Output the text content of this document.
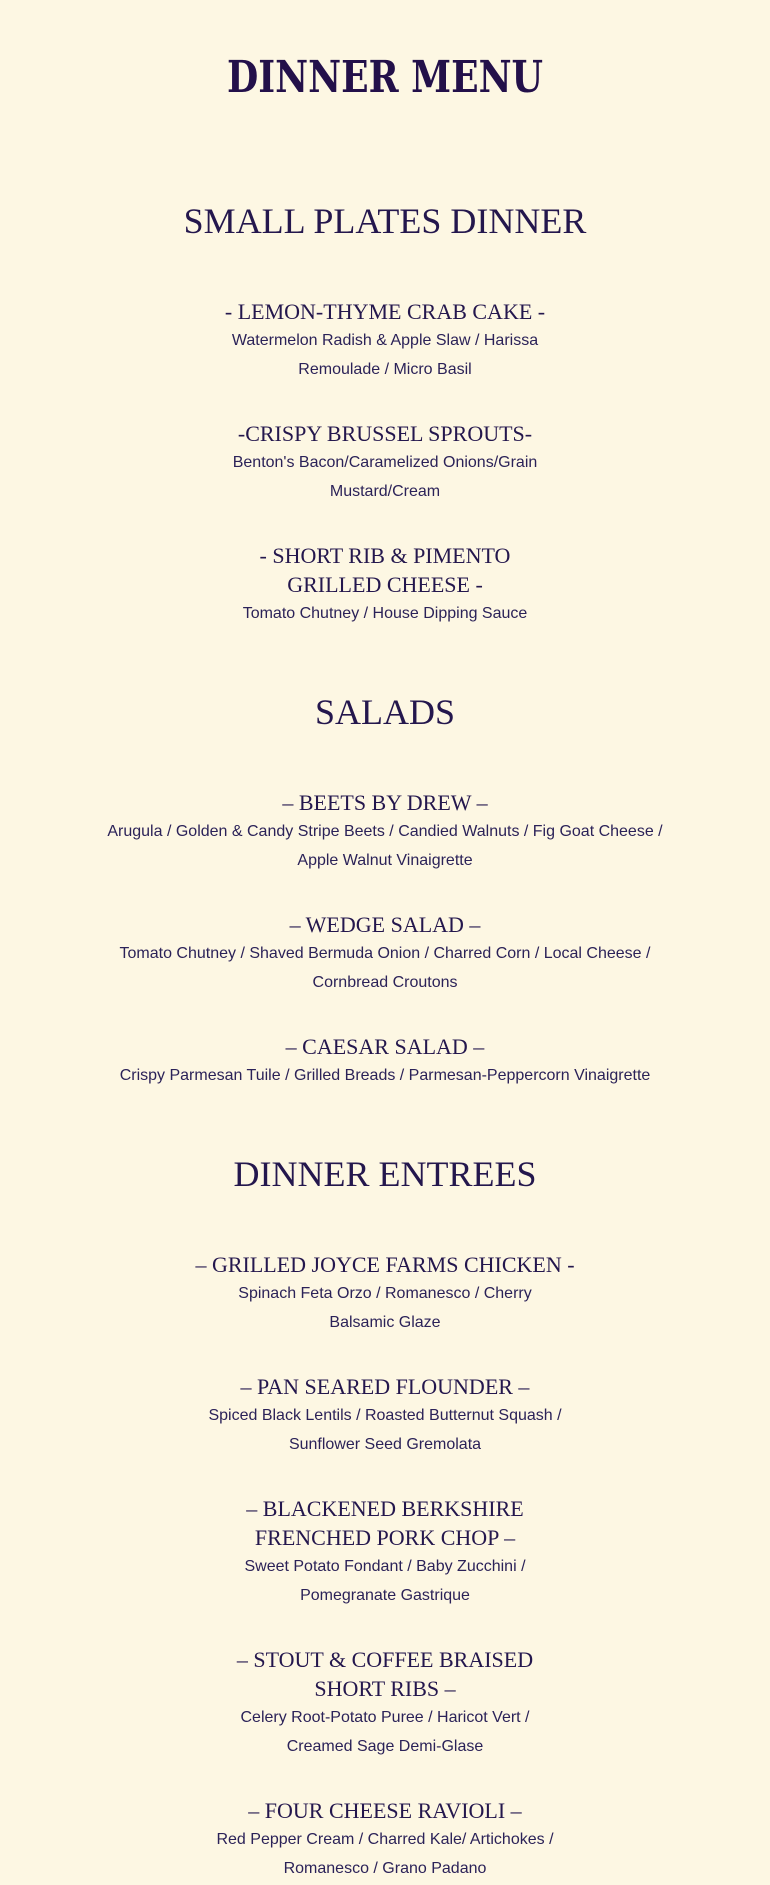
DINNER MENU
SMALL PLATES DINNER
- LEMON-THYME CRAB CAKE -
Watermelon Radish & Apple Slaw / Harissa Remoulade / Micro Basil
-CRISPY BRUSSEL SPROUTS-
Benton's Bacon/Caramelized Onions/Grain Mustard/Cream
- SHORT RIB & PIMENTO GRILLED CHEESE -
Tomato Chutney / House Dipping Sauce
SALADS
– BEETS BY DREW –
Arugula / Golden & Candy Stripe Beets / Candied Walnuts / Fig Goat Cheese / Apple Walnut Vinaigrette
– WEDGE SALAD –
Tomato Chutney / Shaved Bermuda Onion / Charred Corn / Local Cheese / Cornbread Croutons
– CAESAR SALAD –
Crispy Parmesan Tuile / Grilled Breads / Parmesan-Peppercorn Vinaigrette
DINNER ENTREES
– GRILLED JOYCE FARMS CHICKEN -
Spinach Feta Orzo / Romanesco / Cherry Balsamic Glaze
– PAN SEARED FLOUNDER –
Spiced Black Lentils / Roasted Butternut Squash / Sunflower Seed Gremolata
– BLACKENED BERKSHIRE FRENCHED PORK CHOP –
Sweet Potato Fondant / Baby Zucchini / Pomegranate Gastrique
– STOUT & COFFEE BRAISED SHORT RIBS –
Celery Root-Potato Puree / Haricot Vert / Creamed Sage Demi-Glase
– FOUR CHEESE RAVIOLI –
Red Pepper Cream / Charred Kale/ Artichokes / Romanesco / Grano Padano
